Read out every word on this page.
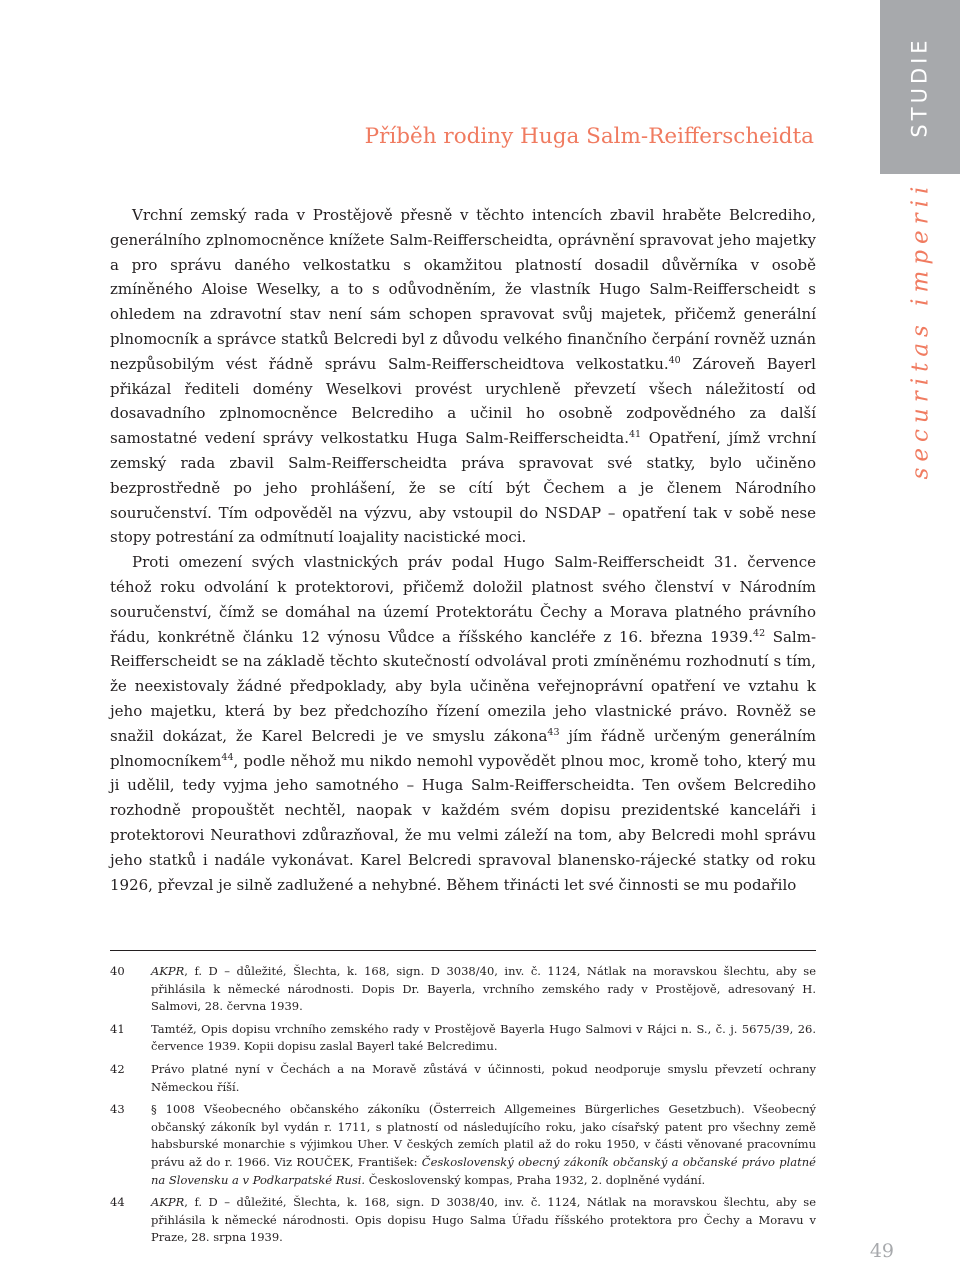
Příběh rodiny Huga Salm-Reifferscheidta	STUDIE
securitas imperii

Vrchní zemský rada v Prostějově přesně v těchto intencích zbavil hraběte Belcrediho, generálního zplnomocněnce knížete Salm-Reifferscheidta, oprávnění spravovat jeho majetky a pro správu daného velkostatku s okamžitou platností dosadil důvěrníka v osobě zmíněného Aloise Weselky, a to s odůvodněním, že vlastník Hugo Salm-Reifferscheidt s ohledem na zdravotní stav není sám schopen spravovat svůj majetek, přičemž generální plnomocník a správce statků Belcredi byl z důvodu velkého finančního čerpání rovněž uznán nezpůsobilým vést řádně správu Salm-Reifferscheidtova velkostatku.$^{40}$ Zároveň Bayerl přikázal řediteli domény Weselkovi provést urychleně převzetí všech náležitostí od dosavadního zplnomocněnce Belcrediho a učinil ho osobně zodpovědného za další samostatné vedení správy velkostatku Huga Salm-Reifferscheidta.$^{41}$ Opatření, jímž vrchní zemský rada zbavil Salm-Reifferscheidta práva spravovat své statky, bylo učiněno bezprostředně po jeho prohlášení, že se cítí být Čechem a je členem Národního souručenství. Tím odpověděl na výzvu, aby vstoupil do NSDAP – opatření tak v sobě nese stopy potrestání za odmítnutí loajality nacistické moci.

Proti omezení svých vlastnických práv podal Hugo Salm-Reifferscheidt 31. července téhož roku odvolání k protektorovi, přičemž doložil platnost svého členství v Národním souručenství, čímž se domáhal na území Protektorátu Čechy a Morava platného právního řádu, konkrétně článku 12 výnosu Vůdce a říšského kancléře z 16. března 1939.42 Salm-Reifferscheidt se na základě těchto skutečností odvolával proti zmíněnému rozhodnutí s tím, že neexistovaly žádné předpoklady, aby byla učiněna veřejnoprávní opatření ve vztahu k jeho majetku, která by bez předchozího řízení omezila jeho vlastnické právo. Rovněž se snažil dokázat, že Karel Belcredi je ve smyslu zákona$^{43}$ jím řádně určeným generálním plnomocníkem$^{44}$, podle něhož mu nikdo nemohl vypovědět plnou moc, kromě toho, který mu ji udělil, tedy vyjma jeho samotného – Huga Salm-Reifferscheidta. Ten ovšem Belcrediho rozhodně propouštět nechtěl, naopak v každém svém dopisu prezidentské kanceláři i protektorovi Neurathovi zdůrazňoval, že mu velmi záleží na tom, aby Belcredi mohl správu jeho statků i nadále vykonávat. Karel Belcredi spravoval blanensko-rájecké statky od roku 1926, převzal je silně zadlužené a nehybné. Během třinácti let své činnosti se mu podařilo

40	AKPR, f. D – důležité, Šlechta, k. 168, sign. D 3038/40, inv. č. 1124, Nátlak na moravskou šlechtu, aby se přihlásila k německé národnosti. Dopis Dr. Bayerla, vrchního zemského rady v Prostějově, adresovaný H. Salmovi, 28. června 1939.
41	Tamtéž, Opis dopisu vrchního zemského rady v Prostějově Bayerla Hugo Salmovi v Rájci n. S., č. j. 5675/39, 26. července 1939. Kopii dopisu zaslal Bayerl také Belcredimu.
42	Právo platné nyní v Čechách a na Moravě zůstává v účinnosti, pokud neodporuje smyslu převzetí ochrany Německou říší.
43	§ 1008 Všeobecného občanského zákoníku (Österreich Allgemeines Bürgerliches Gesetzbuch). Všeobecný občanský zákoník byl vydán r. 1711, s platností od následujícího roku, jako císařský patent pro všechny země habsburské monarchie s výjimkou Uher. V českých zemích platil až do roku 1950, v části věnované pracovnímu právu až do r. 1966. Viz ROUČEK, František: Československý obecný zákoník občanský a občanské právo platné na Slovensku a v Podkarpatské Rusi. Československý kompas, Praha 1932, 2. doplněné vydání.
44	AKPR, f. D – důležité, Šlechta, k. 168, sign. D 3038/40, inv. č. 1124, Nátlak na moravskou šlechtu, aby se přihlásila k německé národnosti. Opis dopisu Hugo Salma Úřadu říšského protektora pro Čechy a Moravu v Praze, 28. srpna 1939.
49
